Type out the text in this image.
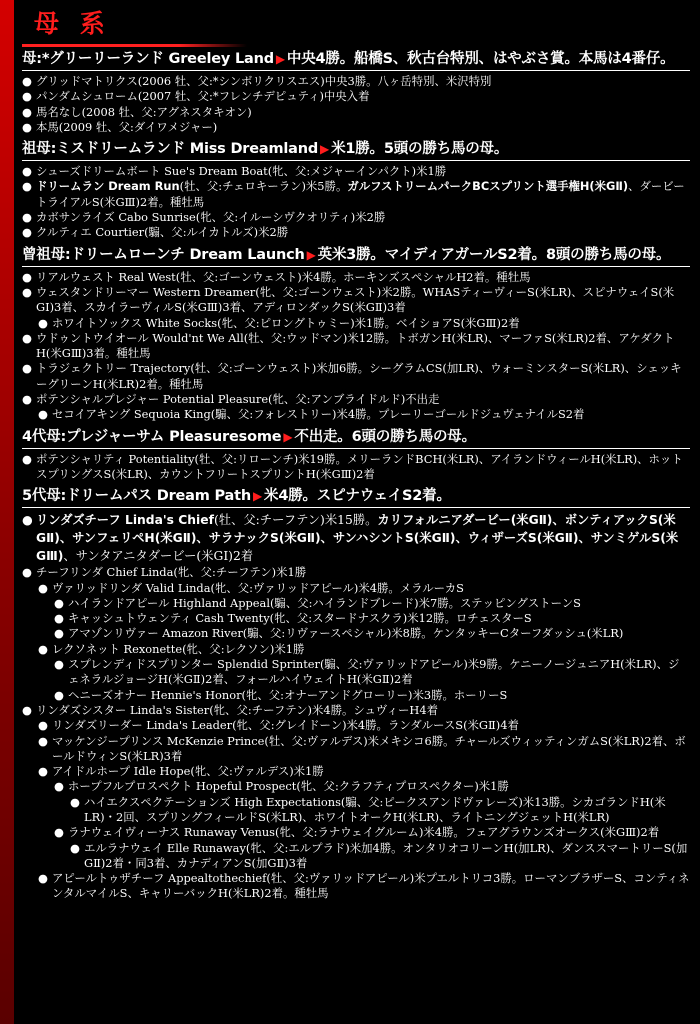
母 系
母:*グリーリーランド Greeley Land ▶ 中央4勝。船橋S、秋古台特別、はやぶさ賞。本馬は4番仔。
● グリッドマトリクス(2006 牡、父:*シンボリクリスエス)中央3勝。八ヶ岳特別、米沢特別
● パンダムシュローム(2007 牡、父:*フレンチデピュティ)中央入着
● 馬名なし(2008 牡、父:アグネスタキオン)
● 本馬(2009 牡、父:ダイワメジャー)
祖母:ミスドリームランド Miss Dreamland ▶ 米1勝。5頭の勝ち馬の母。
● シューズドリームボート Sue's Dream Boat(牝、父:メジャーインパクト)米1勝
● ドリームラン Dream Run(牡、父:チェロキーラン)米5勝。ガルフストリームパークBCスプリント選手権H(米GⅡ)、ダービートライアルS(米GⅢ)2着。種牡馬
● カボサンライズ Cabo Sunrise(牝、父:イルーシヴクオリティ)米2勝
● クルティエ Courtier(騸、父:ルイカトルズ)米2勝
曾祖母:ドリームローンチ Dream Launch ▶ 英米3勝。マイディアガールS2着。8頭の勝ち馬の母。
● リアルウェスト Real West(牡、父:ゴーンウェスト)米4勝。ホーキンズスペシャルH2着。種牡馬
● ウェスタンドリーマー Western Dreamer(牝、父:ゴーンウェスト)米2勝。WHASティーヴィーS(米LR)、スピナウェイS(米GⅠ)3着、スカイラーヴィルS(米GⅢ)3着、アディロンダックS(米GⅡ)3着
● ホワイトソックス White Socks(牝、父:ピロングトゥミー)米1勝。ベイショアS(米GⅢ)2着
● ウドゥントウイオール Would'nt We All(牡、父:ウッドマン)米12勝。トボガンH(米LR)、マーファS(米LR)2着、アケダクトH(米GⅢ)3着。種牡馬
● トラジェクトリー Trajectory(牡、父:ゴーンウェスト)米加6勝。シーグラムCS(加LR)、ウォーミンスターS(米LR)、シェッキーグリーンH(米LR)2着。種牡馬
● ポテンシャルプレジャー Potential Pleasure(牝、父:アンブライドルド)不出走
● セコイアキング Sequoia King(騸、父:フォレストリー)米4勝。プレーリーゴールドジュヴェナイルS2着
4代母:プレジャーサム Pleasuresome ▶ 不出走。6頭の勝ち馬の母。
● ポテンシャリティ Potentiality(牡、父:リローンチ)米19勝。メリーランドBCH(米LR)、アイランドウィールH(米LR)、ホットスプリングスS(米LR)、カウントフリートスプリントH(米GⅢ)2着
5代母:ドリームパス Dream Path ▶ 米4勝。スピナウェイS2着。
● リンダズチーフ Linda's Chief(牡、父:チーフテン)米15勝。カリフォルニアダービー(米GⅡ)、ボンティアックS(米GⅡ)、サンフェリペH(米GⅡ)、サラナックS(米GⅡ)、サンハシントS(米GⅡ)、ウィザーズS(米GⅡ)、サンミゲルS(米GⅢ)、サンタアニタダービー(米GⅠ)2着
● チーフリンダ Chief Linda(牝、父:チーフテン)米1勝
● ヴァリッドリンダ Valid Linda(牝、父:ヴァリッドアピール)米4勝。メラルーカS
● ハイランドアピール Highland Appeal(騸、父:ハイランドブレード)米7勝。ステッピングストーンS
● キャッシュトウェンティ Cash Twenty(牝、父:スタードナスクラ)米12勝。ロチェスターS
● アマゾンリヴァー Amazon River(騸、父:リヴァースペシャル)米8勝。ケンタッキーCターフダッシュ(米LR)
● レクソネット Rexonette(牝、父:レクソン)米1勝
● スプレンディドスプリンター Splendid Sprinter(騸、父:ヴァリッドアピール)米9勝。ケニーノージュニアH(米LR)、ジェネラルジョージH(米GⅡ)2着、フォールハイウェイトH(米GⅡ)2着
● ヘニーズオナー Hennie's Honor(牝、父:オナーアンドグローリー)米3勝。ホーリーS
● リンダズシスター Linda's Sister(牝、父:チーフテン)米4勝。シュヴィーH4着
● リンダズリーダー Linda's Leader(牝、父:グレイドーン)米4勝。ランダルースS(米GⅡ)4着
● マッケンジープリンス McKenzie Prince(牡、父:ヴァルデス)米メキシコ6勝。チャールズウィッティンガムS(米LR)2着、ボールドウィンS(米LR)3着
● アイドルホープ Idle Hope(牝、父:ヴァルデス)米1勝
● ホープフルプロスペクト Hopeful Prospect(牝、父:クラフティプロスペクター)米1勝
● ハイエクスペクテーションズ High Expectations(騸、父:ピークスアンドヴァレーズ)米13勝。シカゴランドH(米LR)・2回、スプリングフィールドS(米LR)、ホワイトオークH(米LR)、ライトニングジェットH(米LR)
● ラナウェイヴィーナス Runaway Venus(牝、父:ラナウェイグルーム)米4勝。フェアグラウンズオークス(米GⅢ)2着
● エルラナウェイ Elle Runaway(牝、父:エルプラド)米加4勝。オンタリオコリーンH(加LR)、ダンススマートリーS(加GⅡ)2着・同3着、カナディアンS(加GⅡ)3着
● アピールトゥザチーフ Appealtothechief(牡、父:ヴァリッドアピール)米プエルトリコ3勝。ローマンブラザーS、コンティネンタルマイルS、キャリーバックH(米LR)2着。種牡馬
